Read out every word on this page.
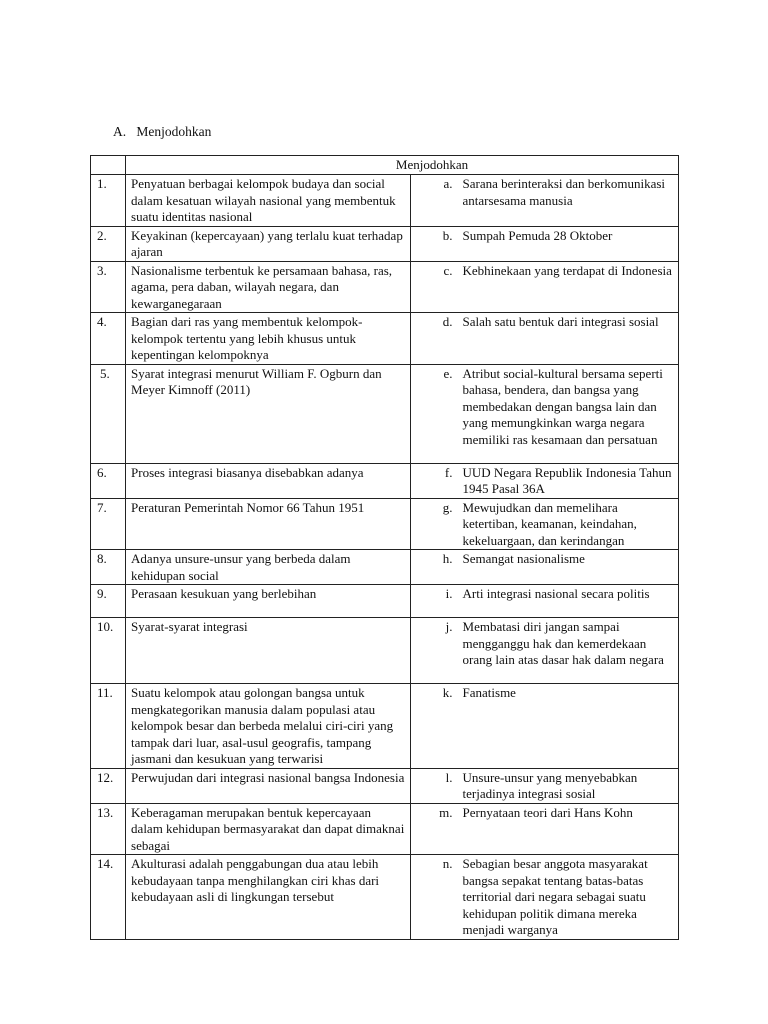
A. Menjodohkan

	Menjodohkan	

1.	Penyatuan berbagai kelompok budaya dan social dalam kesatuan wilayah nasional yang membentuk suatu identitas nasional	a. Sarana berinteraksi dan berkomunikasi antarsesama manusia

2.	Keyakinan (kepercayaan) yang terlalu kuat terhadap ajaran	b. Sumpah Pemuda 28 Oktober

3.	Nasionalisme terbentuk ke persamaan bahasa, ras, agama, pera daban, wilayah negara, dan kewarganegaraan	c. Kebhinekaan yang terdapat di Indonesia

4.	Bagian dari ras yang membentuk kelompok-kelompok tertentu yang lebih khusus untuk kepentingan kelompoknya	d. Salah satu bentuk dari integrasi sosial

5.	Syarat integrasi menurut William F. Ogburn dan Meyer Kimnoff (2011)	e. Atribut social-kultural bersama seperti bahasa, bendera, dan bangsa yang membedakan dengan bangsa lain dan yang memungkinkan warga negara memiliki ras kesamaan dan persatuan

6.	Proses integrasi biasanya disebabkan adanya	f. UUD Negara Republik Indonesia Tahun 1945 Pasal 36A

7.	Peraturan Pemerintah Nomor 66 Tahun 1951	g. Mewujudkan dan memelihara ketertiban, keamanan, keindahan, kekeluargaan, dan kerindangan

8.	Adanya unsure-unsur yang berbeda dalam kehidupan social	h. Semangat nasionalisme

9.	Perasaan kesukuan yang berlebihan	i. Arti integrasi nasional secara politis

10.	Syarat-syarat integrasi	j. Membatasi diri jangan sampai mengganggu hak dan kemerdekaan orang lain atas dasar hak dalam negara

11.	Suatu kelompok atau golongan bangsa untuk mengkategorikan manusia dalam populasi atau kelompok besar dan berbeda melalui ciri-ciri yang tampak dari luar, asal-usul geografis, tampang jasmani dan kesukuan yang terwarisi	k. Fanatisme

12.	Perwujudan dari integrasi nasional bangsa Indonesia	l. Unsure-unsur yang menyebabkan terjadinya integrasi sosial

13.	Keberagaman merupakan bentuk kepercayaan dalam kehidupan bermasyarakat dan dapat dimaknai sebagai	m. Pernyataan teori dari Hans Kohn

14.	Akulturasi adalah penggabungan dua atau lebih kebudayaan tanpa menghilangkan ciri khas dari kebudayaan asli di lingkungan tersebut	n. Sebagian besar anggota masyarakat bangsa sepakat tentang batas-batas territorial dari negara sebagai suatu kehidupan politik dimana mereka menjadi warganya
